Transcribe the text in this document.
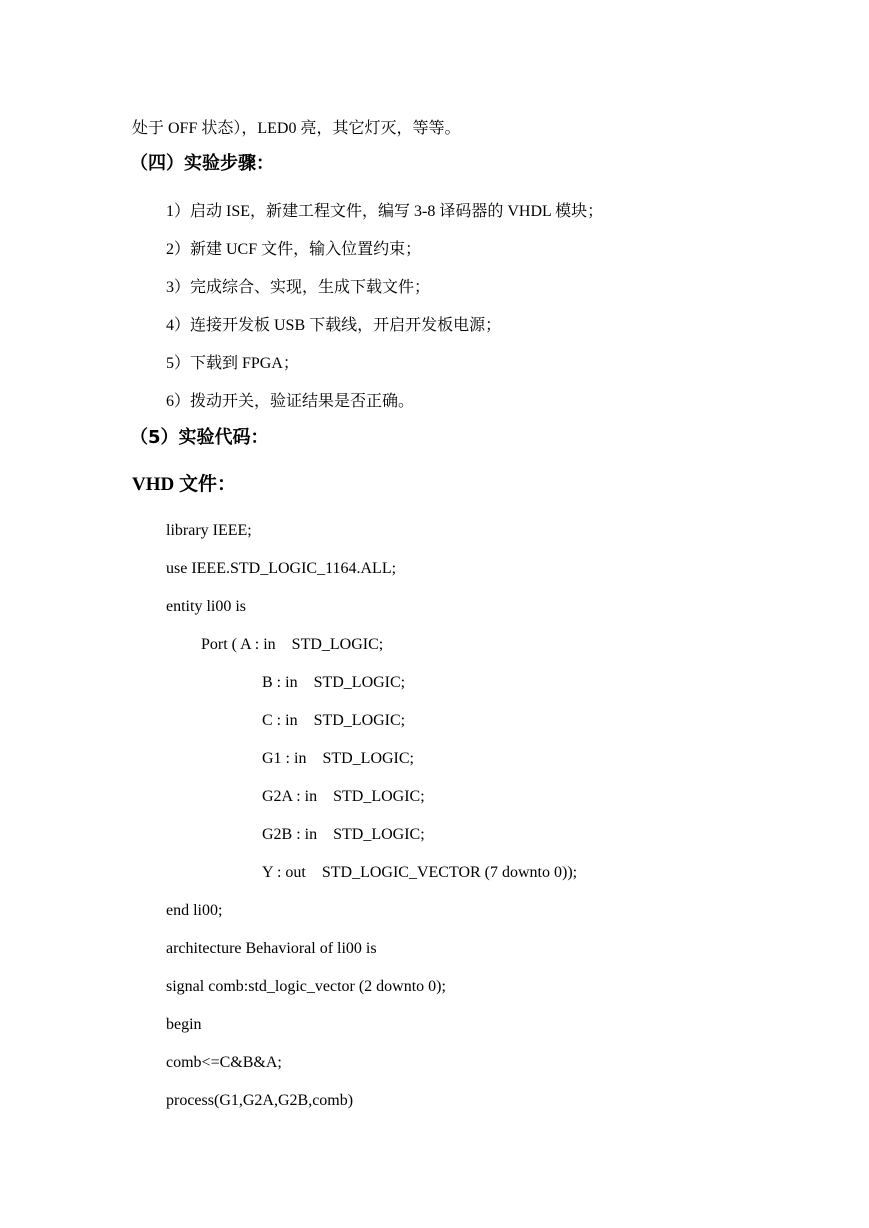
处于 OFF 状态），LED0 亮，其它灯灭，等等。
（四）实验步骤：
1）启动 ISE，新建工程文件，编写 3-8 译码器的 VHDL 模块；
2）新建 UCF 文件，输入位置约束；
3）完成综合、实现，生成下载文件；
4）连接开发板 USB 下载线，开启开发板电源；
5）下载到 FPGA；
6）拨动开关，验证结果是否正确。
（5）实验代码：
VHD 文件：
library IEEE;
use IEEE.STD_LOGIC_1164.ALL;
entity li00 is
Port ( A : in    STD_LOGIC;
B : in    STD_LOGIC;
C : in    STD_LOGIC;
G1 : in    STD_LOGIC;
G2A : in    STD_LOGIC;
G2B : in    STD_LOGIC;
Y : out    STD_LOGIC_VECTOR (7 downto 0));
end li00;
architecture Behavioral of li00 is
signal comb:std_logic_vector (2 downto 0);
begin
comb<=C&B&A;
process(G1,G2A,G2B,comb)
